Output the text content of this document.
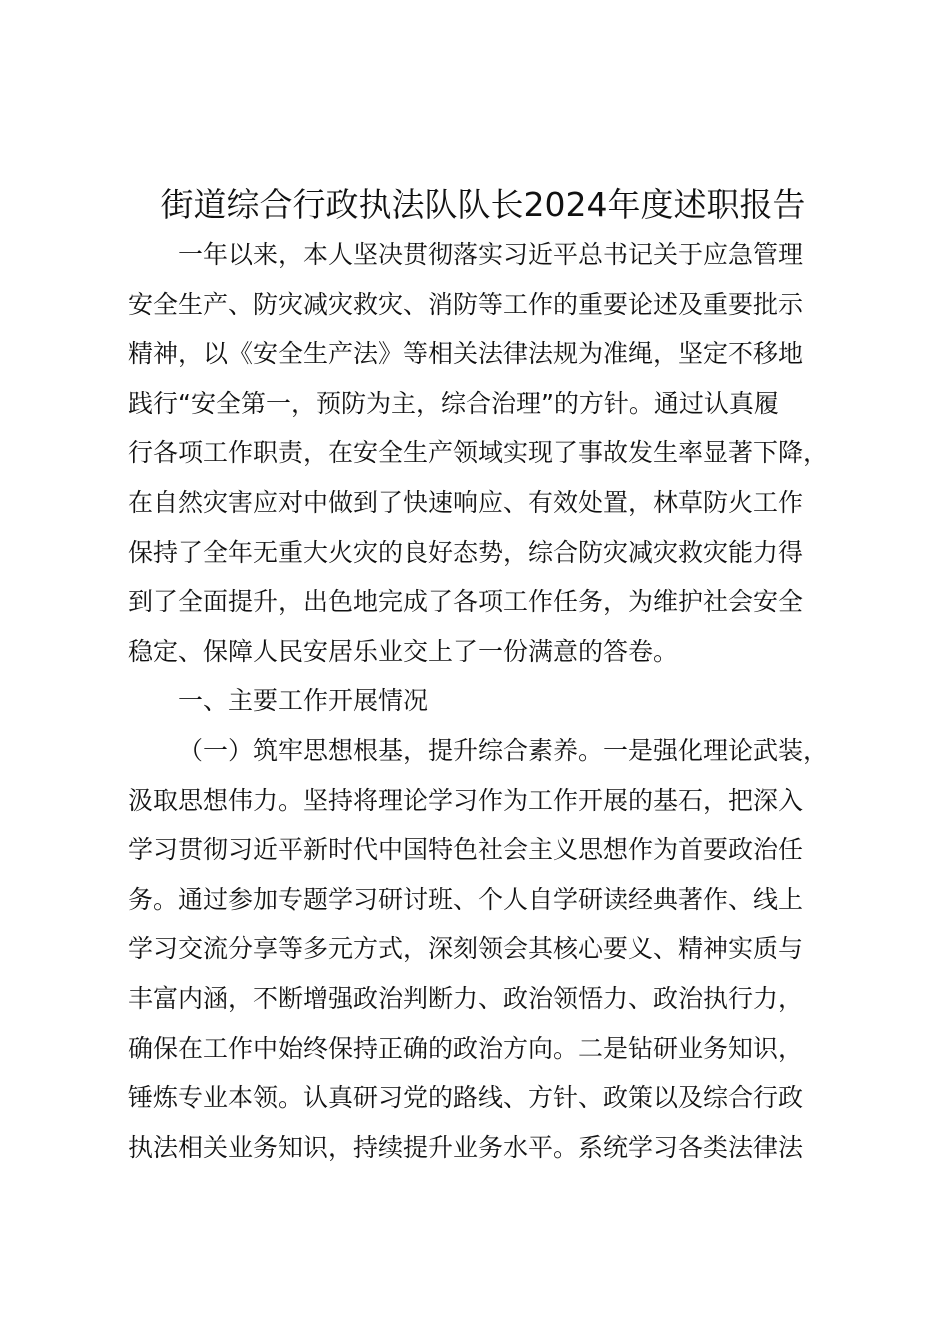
街道综合行政执法队队长2024年度述职报告
一年以来，本人坚决贯彻落实习近平总书记关于应急管理
安全生产、防灾减灾救灾、消防等工作的重要论述及重要批示
精神，以《安全生产法》等相关法律法规为准绳，坚定不移地
践行“安全第一，预防为主，综合治理”的方针。通过认真履
行各项工作职责，在安全生产领域实现了事故发生率显著下降，
在自然灾害应对中做到了快速响应、有效处置，林草防火工作
保持了全年无重大火灾的良好态势，综合防灾减灾救灾能力得
到了全面提升，出色地完成了各项工作任务，为维护社会安全
稳定、保障人民安居乐业交上了一份满意的答卷。
一、主要工作开展情况
（一）筑牢思想根基，提升综合素养。一是强化理论武装，
汲取思想伟力。坚持将理论学习作为工作开展的基石，把深入
学习贯彻习近平新时代中国特色社会主义思想作为首要政治任
务。通过参加专题学习研讨班、个人自学研读经典著作、线上
学习交流分享等多元方式，深刻领会其核心要义、精神实质与
丰富内涵，不断增强政治判断力、政治领悟力、政治执行力，
确保在工作中始终保持正确的政治方向。二是钻研业务知识，
锤炼专业本领。认真研习党的路线、方针、政策以及综合行政
执法相关业务知识，持续提升业务水平。系统学习各类法律法
